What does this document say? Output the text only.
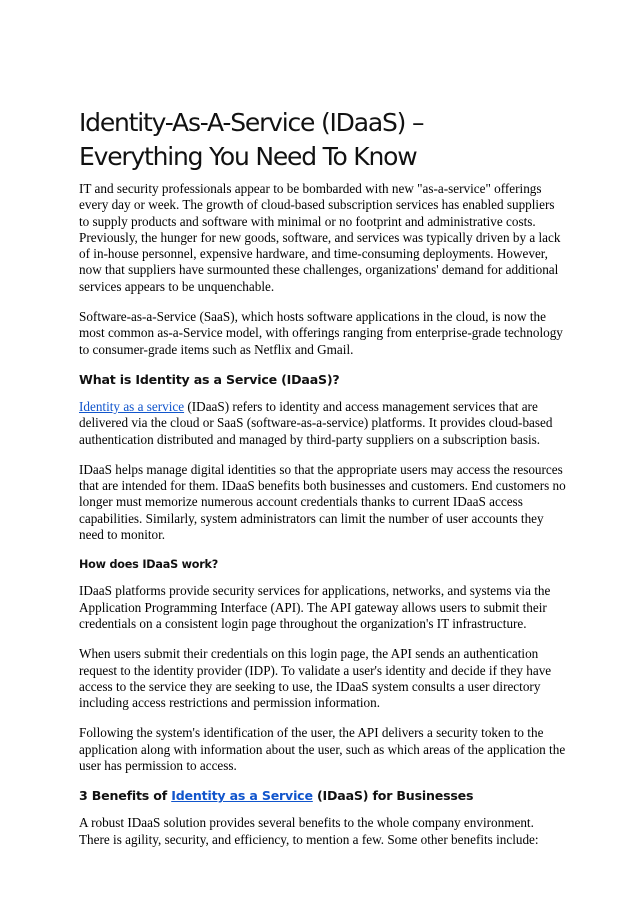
Identity-As-A-Service (IDaaS) –
Everything You Need To Know

IT and security professionals appear to be bombarded with new "as-a-service" offerings every day or week. The growth of cloud-based subscription services has enabled suppliers to supply products and software with minimal or no footprint and administrative costs. Previously, the hunger for new goods, software, and services was typically driven by a lack of in-house personnel, expensive hardware, and time-consuming deployments. However, now that suppliers have surmounted these challenges, organizations' demand for additional services appears to be unquenchable.

Software-as-a-Service (SaaS), which hosts software applications in the cloud, is now the most common as-a-Service model, with offerings ranging from enterprise-grade technology to consumer-grade items such as Netflix and Gmail.

What is Identity as a Service (IDaaS)?

Identity as a service (IDaaS) refers to identity and access management services that are delivered via the cloud or SaaS (software-as-a-service) platforms. It provides cloud-based authentication distributed and managed by third-party suppliers on a subscription basis.

IDaaS helps manage digital identities so that the appropriate users may access the resources that are intended for them. IDaaS benefits both businesses and customers. End customers no longer must memorize numerous account credentials thanks to current IDaaS access capabilities. Similarly, system administrators can limit the number of user accounts they need to monitor.

How does IDaaS work?

IDaaS platforms provide security services for applications, networks, and systems via the Application Programming Interface (API). The API gateway allows users to submit their credentials on a consistent login page throughout the organization's IT infrastructure.

When users submit their credentials on this login page, the API sends an authentication request to the identity provider (IDP). To validate a user's identity and decide if they have access to the service they are seeking to use, the IDaaS system consults a user directory including access restrictions and permission information.

Following the system's identification of the user, the API delivers a security token to the application along with information about the user, such as which areas of the application the user has permission to access.

3 Benefits of Identity as a Service (IDaaS) for Businesses

A robust IDaaS solution provides several benefits to the whole company environment. There is agility, security, and efficiency, to mention a few. Some other benefits include:
